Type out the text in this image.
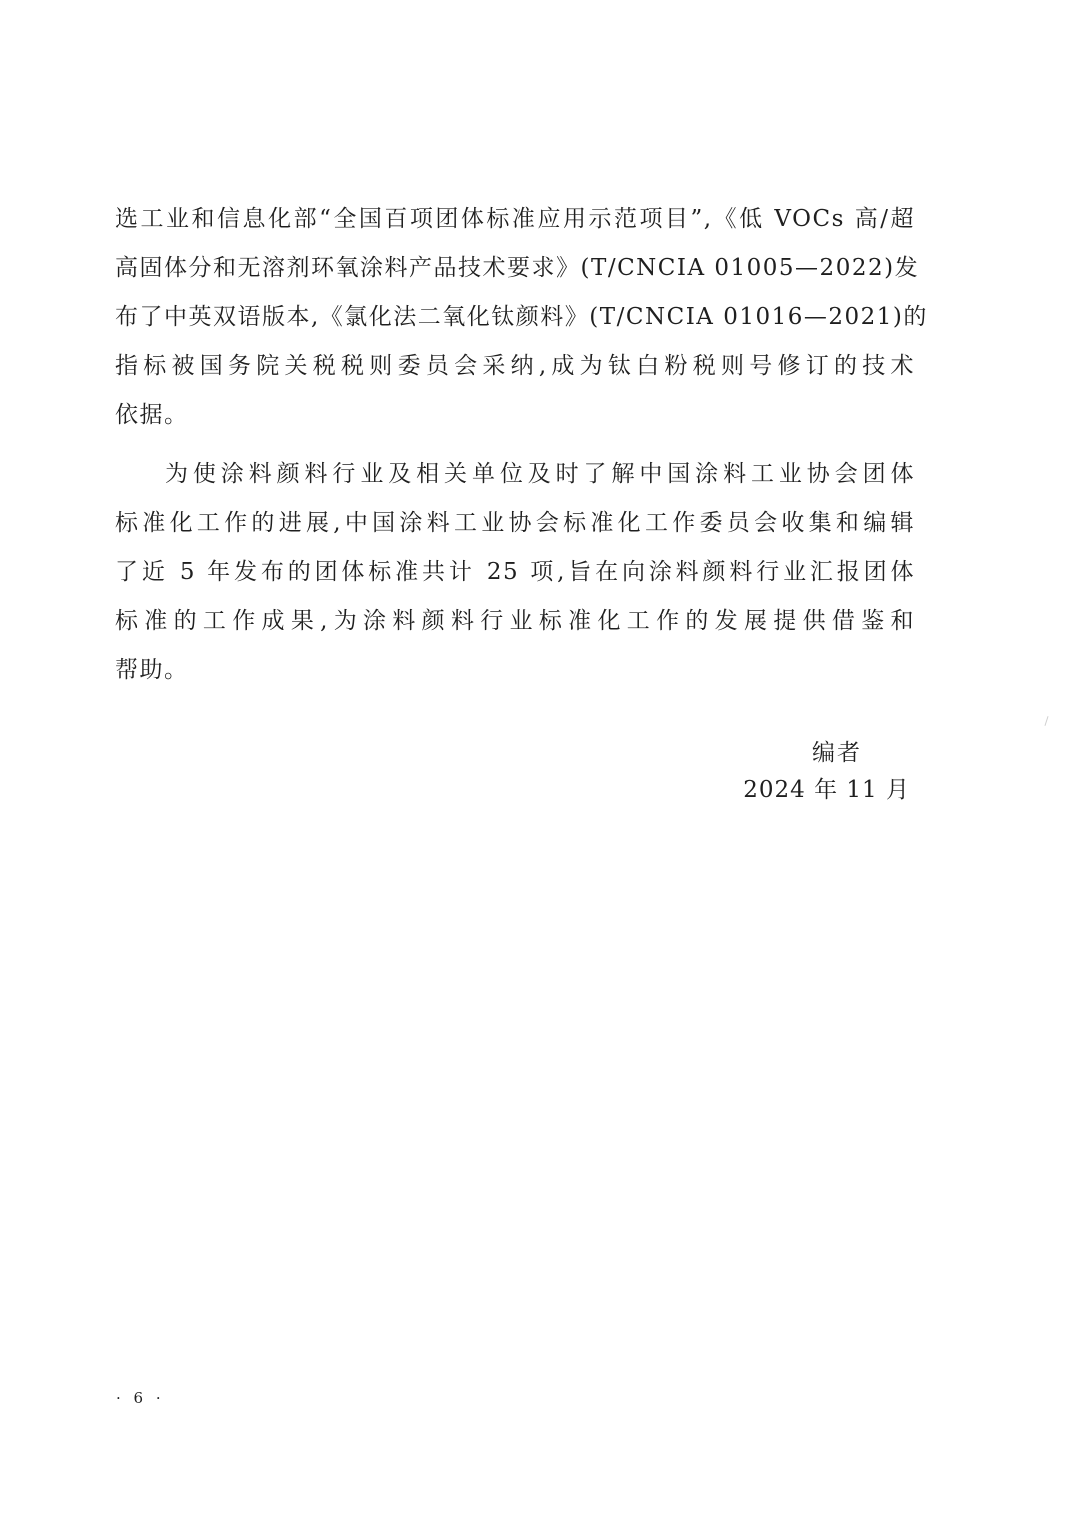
选工业和信息化部“全国百项团体标准应用示范项目”,《低 VOCs 高/超
高固体分和无溶剂环氧涂料产品技术要求》(T/CNCIA 01005—2022)发
布了中英双语版本,《氯化法二氧化钛颜料》(T/CNCIA 01016—2021)的
指标被国务院关税税则委员会采纳,成为钛白粉税则号修订的技术
依据。
为使涂料颜料行业及相关单位及时了解中国涂料工业协会团体
标准化工作的进展,中国涂料工业协会标准化工作委员会收集和编辑
了近 5 年发布的团体标准共计 25 项,旨在向涂料颜料行业汇报团体
标准的工作成果,为涂料颜料行业标准化工作的发展提供借鉴和
帮助。
编者
2024 年 11 月
· 6 ·
